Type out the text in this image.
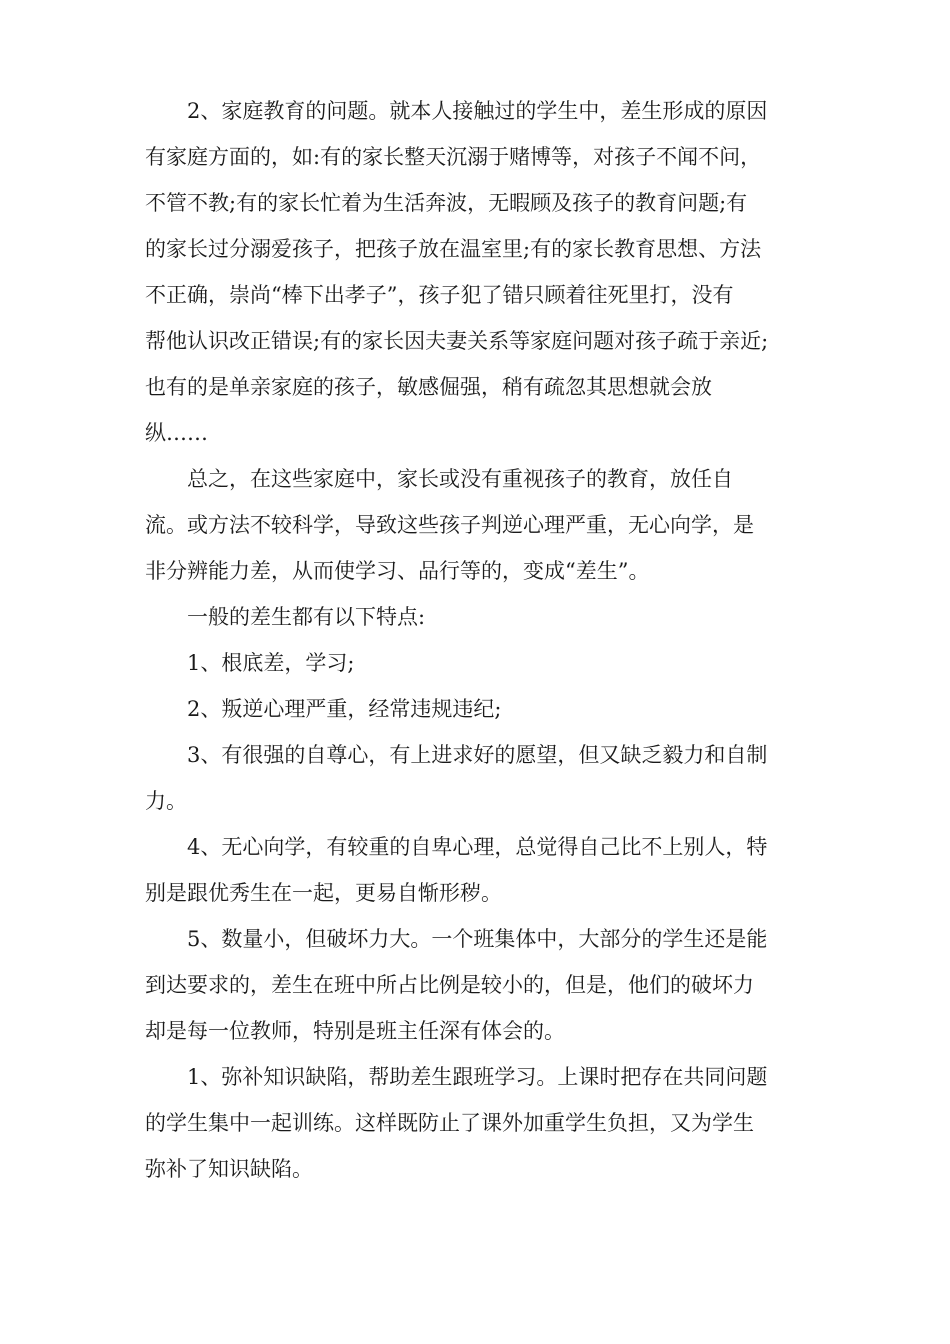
2、家庭教育的问题。就本人接触过的学生中，差生形成的原因
有家庭方面的，如:有的家长整天沉溺于赌博等，对孩子不闻不问，
不管不教;有的家长忙着为生活奔波，无暇顾及孩子的教育问题;有
的家长过分溺爱孩子，把孩子放在温室里;有的家长教育思想、方法
不正确，崇尚“棒下出孝子”，孩子犯了错只顾着往死里打，没有
帮他认识改正错误;有的家长因夫妻关系等家庭问题对孩子疏于亲近;
也有的是单亲家庭的孩子，敏感倔强，稍有疏忽其思想就会放
纵……
总之，在这些家庭中，家长或没有重视孩子的教育，放任自
流。或方法不较科学，导致这些孩子判逆心理严重，无心向学，是
非分辨能力差，从而使学习、品行等的，变成“差生”。
一般的差生都有以下特点:
1、根底差，学习;
2、叛逆心理严重，经常违规违纪;
3、有很强的自尊心，有上进求好的愿望，但又缺乏毅力和自制
力。
4、无心向学，有较重的自卑心理，总觉得自己比不上别人，特
别是跟优秀生在一起，更易自惭形秽。
5、数量小，但破坏力大。一个班集体中，大部分的学生还是能
到达要求的，差生在班中所占比例是较小的，但是，他们的破坏力
却是每一位教师，特别是班主任深有体会的。
1、弥补知识缺陷，帮助差生跟班学习。上课时把存在共同问题
的学生集中一起训练。这样既防止了课外加重学生负担，又为学生
弥补了知识缺陷。
